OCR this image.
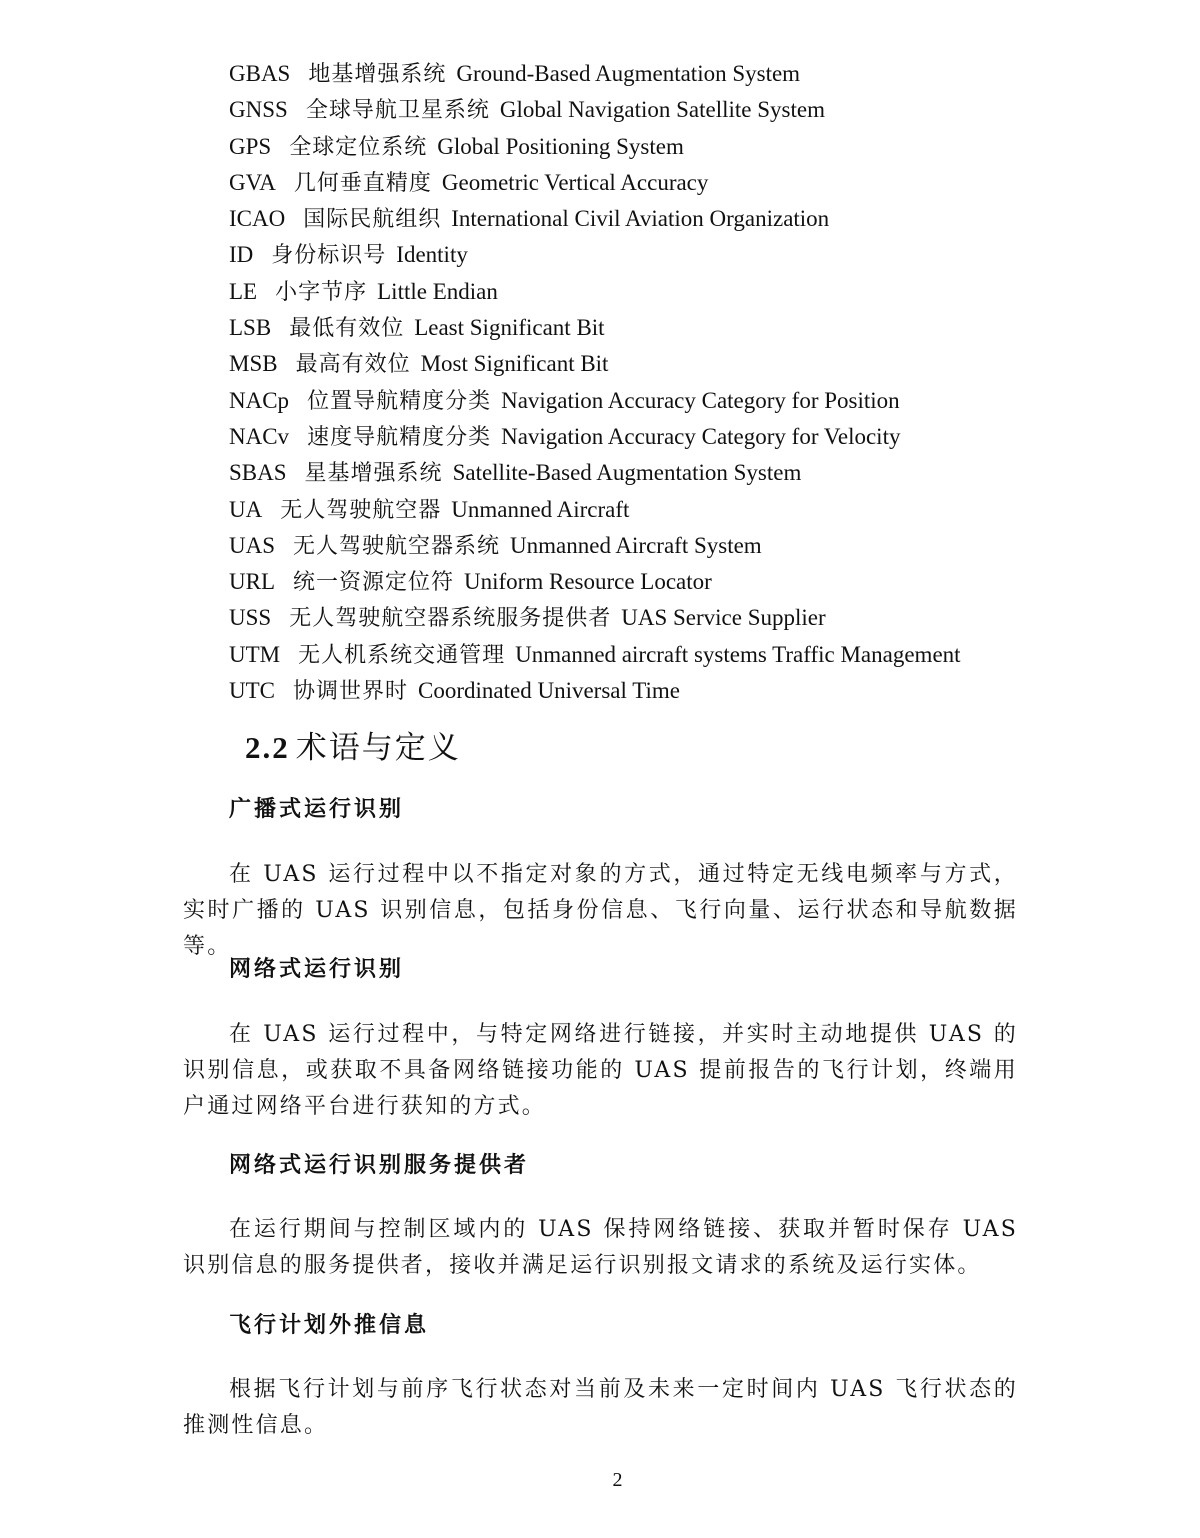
GBAS 地基增强系统 Ground-Based Augmentation System
GNSS 全球导航卫星系统 Global Navigation Satellite System
GPS 全球定位系统 Global Positioning System
GVA 几何垂直精度 Geometric Vertical Accuracy
ICAO 国际民航组织 International Civil Aviation Organization
ID 身份标识号 Identity
LE 小字节序 Little Endian
LSB 最低有效位 Least Significant Bit
MSB 最高有效位 Most Significant Bit
NACp 位置导航精度分类 Navigation Accuracy Category for Position
NACv 速度导航精度分类 Navigation Accuracy Category for Velocity
SBAS 星基增强系统 Satellite-Based Augmentation System
UA 无人驾驶航空器 Unmanned Aircraft
UAS 无人驾驶航空器系统 Unmanned Aircraft System
URL 统一资源定位符 Uniform Resource Locator
USS 无人驾驶航空器系统服务提供者 UAS Service Supplier
UTM 无人机系统交通管理 Unmanned aircraft systems Traffic Management
UTC 协调世界时 Coordinated Universal Time
2.2 术语与定义
广播式运行识别
在 UAS 运行过程中以不指定对象的方式，通过特定无线电频率与方式，实时广播的 UAS 识别信息，包括身份信息、飞行向量、运行状态和导航数据等。
网络式运行识别
在 UAS 运行过程中，与特定网络进行链接，并实时主动地提供 UAS 的识别信息，或获取不具备网络链接功能的 UAS 提前报告的飞行计划，终端用户通过网络平台进行获知的方式。
网络式运行识别服务提供者
在运行期间与控制区域内的 UAS 保持网络链接、获取并暂时保存 UAS 识别信息的服务提供者，接收并满足运行识别报文请求的系统及运行实体。
飞行计划外推信息
根据飞行计划与前序飞行状态对当前及未来一定时间内 UAS 飞行状态的推测性信息。
2
